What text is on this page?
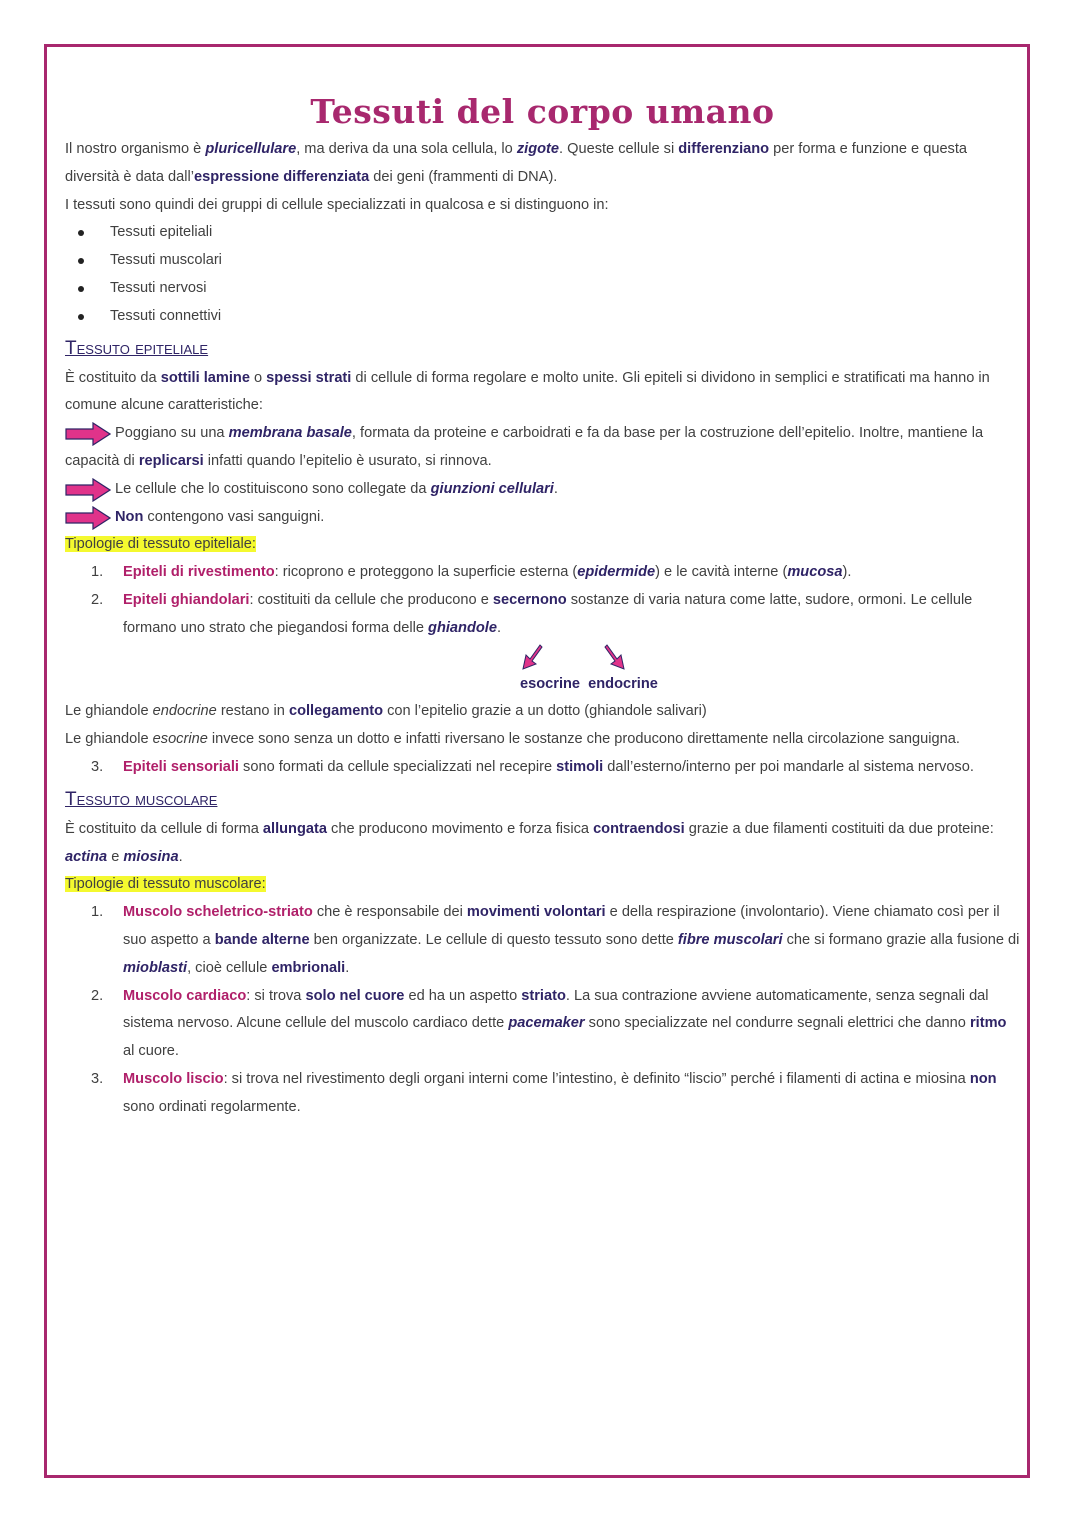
Tessuti del corpo umano

Il nostro organismo è pluricellulare, ma deriva da una sola cellula, lo zigote. Queste cellule si differenziano per forma e funzione e questa diversità è data dall’espressione differenziata dei geni (frammenti di DNA).

I tessuti sono quindi dei gruppi di cellule specializzati in qualcosa e si distinguono in:

Tessuti epiteliali
Tessuti muscolari
Tessuti nervosi
Tessuti connettivi
Tessuto epiteliale

È costituito da sottili lamine o spessi strati di cellule di forma regolare e molto unite. Gli epiteli si dividono in semplici e stratificati ma hanno in comune alcune caratteristiche:

Poggiano su una membrana basale, formata da proteine e carboidrati e fa da base per la costruzione dell’epitelio. Inoltre, mantiene la capacità di replicarsi infatti quando l’epitelio è usurato, si rinnova.

Le cellule che lo costituiscono sono collegate da giunzioni cellulari.

Non contengono vasi sanguigni.

Tipologie di tessuto epiteliale:

1. Epiteli di rivestimento: ricoprono e proteggono la superficie esterna (epidermide) e le cavità interne (mucosa).
2. Epiteli ghiandolari: costituiti da cellule che producono e secernono sostanze di varia natura come latte, sudore, ormoni. Le cellule formano uno strato che piegandosi forma delle ghiandole.

esocrine endocrine

Le ghiandole endocrine restano in collegamento con l’epitelio grazie a un dotto (ghiandole salivari)

Le ghiandole esocrine invece sono senza un dotto e infatti riversano le sostanze che producono direttamente nella circolazione sanguigna.

3. Epiteli sensoriali sono formati da cellule specializzati nel recepire stimoli dall’esterno/interno per poi mandarle al sistema nervoso.
Tessuto muscolare

È costituito da cellule di forma allungata che producono movimento e forza fisica contraendosi grazie a due filamenti costituiti da due proteine: actina e miosina.

Tipologie di tessuto muscolare:

1. Muscolo scheletrico-striato che è responsabile dei movimenti volontari e della respirazione (involontario). Viene chiamato così per il suo aspetto a bande alterne ben organizzate. Le cellule di questo tessuto sono dette fibre muscolari che si formano grazie alla fusione di mioblasti, cioè cellule embrionali.
2. Muscolo cardiaco: si trova solo nel cuore ed ha un aspetto striato. La sua contrazione avviene automaticamente, senza segnali dal sistema nervoso. Alcune cellule del muscolo cardiaco dette pacemaker sono specializzate nel condurre segnali elettrici che danno ritmo al cuore.
3. Muscolo liscio: si trova nel rivestimento degli organi interni come l’intestino, è definito “liscio” perché i filamenti di actina e miosina non sono ordinati regolarmente.
